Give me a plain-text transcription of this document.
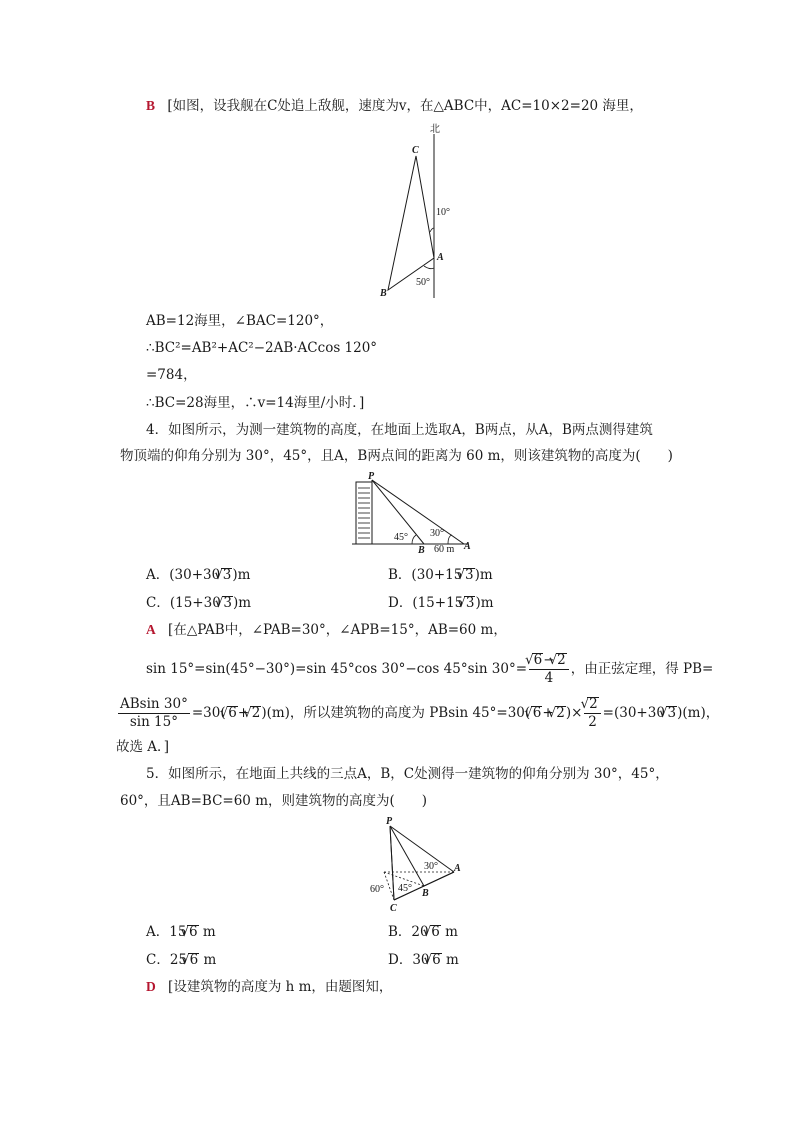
B [如图，设我舰在C处追上敌舰，速度为v，在△ABC中，AC=10×2=20 海里，
北
C
10°
A
50°
B
AB=12海里，∠BAC=120°，
∴BC²=AB²+AC²−2AB·ACcos 120°
=784，
∴BC=28海里，∴v=14海里/小时．]
4．如图所示，为测一建筑物的高度，在地面上选取A，B两点，从A，B两点测得建筑
物顶端的仰角分别为 30°，45°，且A，B两点间的距离为 60 m，则该建筑物的高度为(　　)
P
45° 30°
B 60 m A
A．(30+30√ 3)m	B．(30+15√ 3)m
C．(15+30√ 3)m	D．(15+15√ 3)m
A [在△PAB中，∠PAB=30°，∠APB=15°，AB=60 m，
sin 15°=sin(45°−30°)=sin 45°cos 30°−cos 45°sin 30°=
√ $\frac{6-√ 2}{4}$ ，由正弦定理，得 PB=
$\frac{ABsin 30^\circ}{\sin 15^\circ} =30(√$ 6+√ 2)(m)，所以建筑物的高度为 PBsin 45°=30(√ 6+√ 2)×
√ $\frac{2}{2} =(30+30√$ 3)(m)，
故选 A．]
5．如图所示，在地面上共线的三点A，B，C处测得一建筑物的仰角分别为 30°，45°，
60°，且AB=BC=60 m，则建筑物的高度为(　　)
P
30° A
45°
60°	B
C
A．15√ 6 m	B．20√ 6 m
C．25√ 6 m	D．30√ 6 m
D [设建筑物的高度为 h m，由题图知，
